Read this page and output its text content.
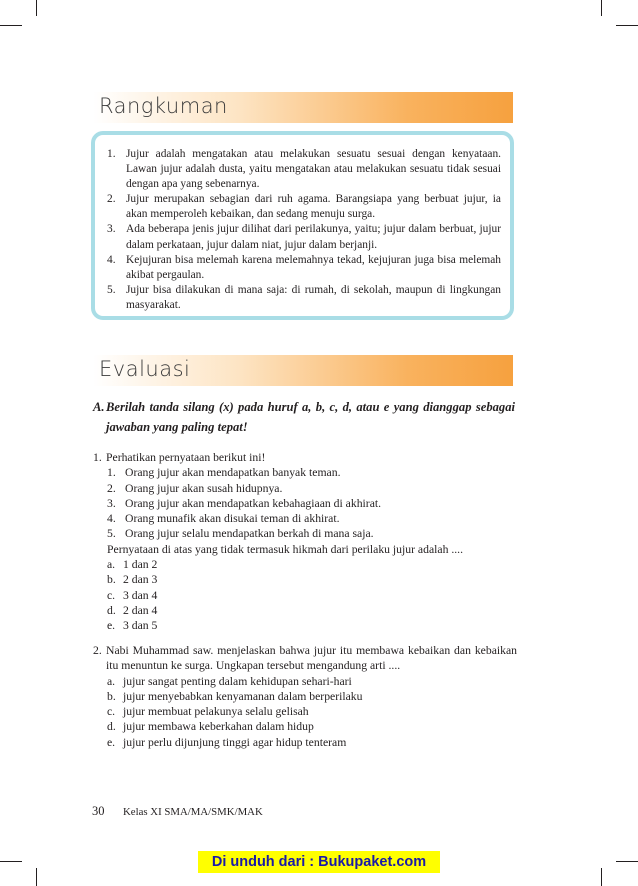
Rangkuman
1. Jujur adalah mengatakan atau melakukan sesuatu sesuai dengan kenyataan. Lawan jujur adalah dusta, yaitu mengatakan atau melakukan sesuatu tidak sesuai dengan apa yang sebenarnya.
2. Jujur merupakan sebagian dari ruh agama. Barangsiapa yang berbuat jujur, ia akan memperoleh kebaikan, dan sedang menuju surga.
3. Ada beberapa jenis jujur dilihat dari perilakunya, yaitu; jujur dalam berbuat, jujur dalam perkataan, jujur dalam niat, jujur dalam berjanji.
4. Kejujuran bisa melemah karena melemahnya tekad, kejujuran juga bisa melemah akibat pergaulan.
5. Jujur bisa dilakukan di mana saja: di rumah, di sekolah, maupun di lingkungan masyarakat.
Evaluasi
A. Berilah tanda silang (x) pada huruf a, b, c, d, atau e yang dianggap sebagai jawaban yang paling tepat!
1. Perhatikan pernyataan berikut ini!
1. Orang jujur akan mendapatkan banyak teman.
2. Orang jujur akan susah hidupnya.
3. Orang jujur akan mendapatkan kebahagiaan di akhirat.
4. Orang munafik akan disukai teman di akhirat.
5. Orang jujur selalu mendapatkan berkah di mana saja.
Pernyataan di atas yang tidak termasuk hikmah dari perilaku jujur adalah ....
a. 1 dan 2
b. 2 dan 3
c. 3 dan 4
d. 2 dan 4
e. 3 dan 5
2. Nabi Muhammad saw. menjelaskan bahwa jujur itu membawa kebaikan dan kebaikan itu menuntun ke surga. Ungkapan tersebut mengandung arti ....
a. jujur sangat penting dalam kehidupan sehari-hari
b. jujur menyebabkan kenyamanan dalam berperilaku
c. jujur membuat pelakunya selalu gelisah
d. jujur membawa keberkahan dalam hidup
e. jujur perlu dijunjung tinggi agar hidup tenteram
30 Kelas XI SMA/MA/SMK/MAK
Di unduh dari : Bukupaket.com
